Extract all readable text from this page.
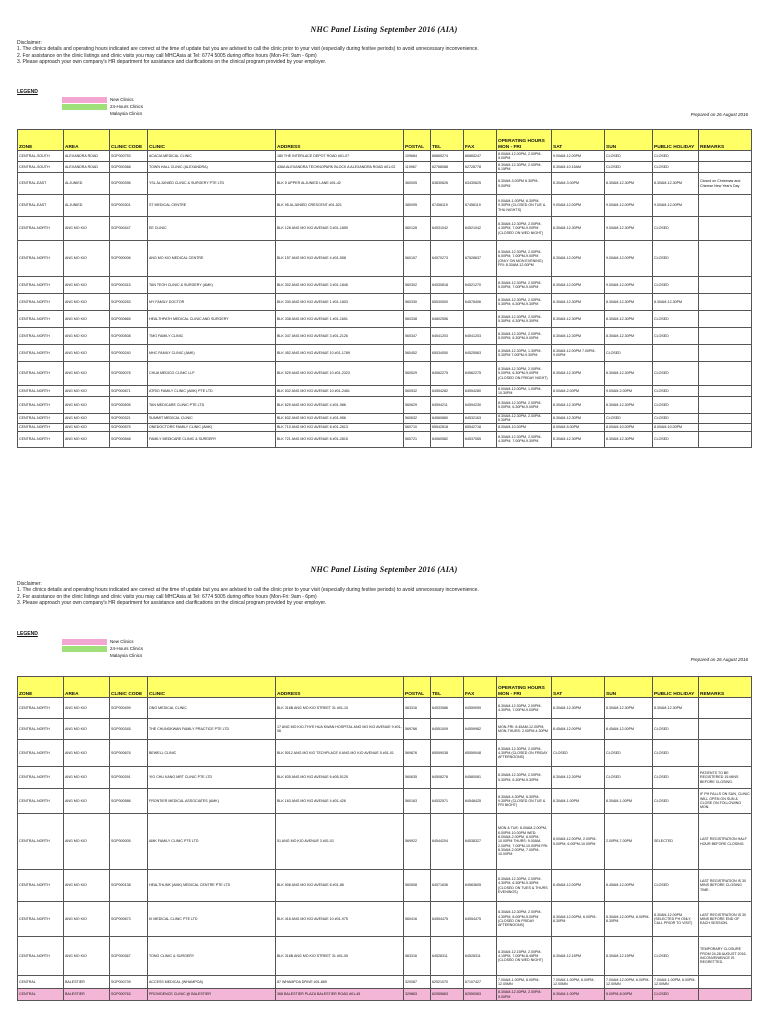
NHC Panel Listing September 2016 (AIA)
Disclaimer:
1. The clinics details and operating hours indicated are correct at the time of update but you are advised to call the clinic prior to your visit (especially during festive periods) to avoid unnecessary inconvenience.
2. For assistance on the clinic listings and clinic visits you may call MHCAsia at Tel: 6774 5005 during office hours (Mon-Fri: 9am - 6pm)
3. Please approach your own company's HR department for assistance and clarifications on the clinical program provided by your employer.
LEGEND
New Clinics
24-Hours Clinics
Malaysia Clinics	Prepared on 26 August 2016
ZONE	AREA	CLINIC CODE	CLINIC	ADDRESS	POSTAL	TEL	FAX	OPERATING HOURS MON - FRI	SAT	SUN	PUBLIC HOLIDAY	REMARKS
CENTRAL-SOUTH	ALEXANDRA ROAD	SGP000753	ACACIA MEDICAL CLINIC	180 THE INTERLACE DEPOT ROAD #01-07	109684	66865274	66865247	8.00AM-12.00PM, 2.00PM-5.00PM	9.00AM-12.00PM	CLOSED	CLOSED	
CENTRAL-SOUTH	ALEXANDRA ROAD	SGP000368	TOWN HALL CLINIC (ALEXANDRA)	438A ALEXANDRA TECHNOPARK BLOCK A ALEXANDRA ROAD #01-02	119967	62768088	62728778	8.30AM-12.30PM, 2.00PM-6.15PM	8.30AM-10.15AM	CLOSED	CLOSED	
CENTRAL-EAST	ALJUNIED	SGP000396	YSL ALJUNIED CLINIC & SURGERY PTE LTD	BLK 5 UPPER ALJUNIED LANE #01-42	360005	63830626	63430625	8.30AM-3.00PM 6.30PM-9.00PM	8.30AM-3.00PM	8.30AM-12.30PM	8.30AM-12.30PM	Closed on Christmas and Chinese New Year's Day
CENTRAL-EAST	ALJUNIED	SGP000301	ST MEDICAL CENTRE	BLK 95 ALJUNIED CRESCENT #01-521	380095	67458119	67458119	9.00AM-1.00PM, 6.30PM-9.30PM (CLOSED ON TUE & THU NIGHTS)	9.00AM-12.00PM	9.00AM-12.00PM	9.00AM-12.00PM	
CENTRAL-NORTH	ANG MO KIO	SGP000447	EE CLINIC	BLK 128 ANG MO KIO AVENUE 3 #01-1859	560128	64531042	64521042	8.30AM-12.30PM, 2.00PM-4.30PM, 7.00PM-9.00PM (CLOSED ON WED NIGHT)	8.30AM-12.30PM	9.00AM-12.30PM	CLOSED	
CENTRAL-NORTH	ANG MO KIO	SGP000006	ANG MO KIO MEDICAL CENTRE	BLK 157 ANG MO KIO AVENUE 4 #01-558	560157	64570273	67528637	8.30AM-12.30PM, 2.00PM-6.00PM, 7.00PM-9.00PM (ONLY ON MON EVENING) FRI: 8.30AM-12.00PM	8.30AM-12.00PM	9.00AM-12.00PM	CLOSED	
CENTRAL-NORTH	ANG MO KIO	SGP000315	TAN TEOH CLINIC & SURGERY (AMK)	BLK 302 ANG MO KIO AVENUE 3 #01-1846	560302	64530818	64521270	8.30AM-12.30PM, 2.00PM-5.00PM, 7.00PM-9.00PM	8.30AM-12.00PM	9.00AM-12.00PM	CLOSED	
CENTRAL-NORTH	ANG MO KIO	SGP000253	MY FAMILY DOCTOR	BLK 330 ANG MO KIO AVENUE 1 #01-1803	560330	65530500	64578406	8.30AM-12.30PM, 2.00PM-5.30PM, 6.30PM-9.30PM	8.30AM-12.30PM	8.30AM-12.30PM	8.30AM-12.30PM	
CENTRAL-NORTH	ANG MO KIO	SGP000665	HEALTHPATH MEDICAL CLINIC AND SURGERY	BLK 338 ANG MO KIO AVENUE 1 #01-1651	560338	64802556		8.30AM-12.30PM, 2.00PM-5.30PM, 6.30PM-9.30PM	8.30AM-12.30PM	8.30AM-12.30PM	CLOSED	
CENTRAL-NORTH	ANG MO KIO	SGP000508	TMG FAMILY CLINIC	BLK 347 ANG MO KIO AVENUE 3 #01-2126	560347	64541203	64541203	8.30AM-12.30PM, 2.00PM-5.00PM, 6.30PM-9.00PM	8.30AM-12.30PM	8.30AM-12.30PM	CLOSED	
CENTRAL-NORTH	ANG MO KIO	SGP000240	MHC FAMILY CLINIC (AMK)	BLK 452 ANG MO KIO AVENUE 10 #01-1789	560452	65534050	64525563	8.30AM-12.30PM, 1.30PM-5.30PM 7.00PM-9.30PM	8.30AM-12.00PM 7.00PM-9.00PM	CLOSED		
CENTRAL-NORTH	ANG MO KIO	SGP000076	CHUA MEDICO CLINIC LLP	BLK 529 ANG MO KIO AVENUE 10 #01-2323	560529	64562275	64562275	8.30AM-12.30PM, 2.00PM-5.00PM, 6.30PM-9.00PM (CLOSED ON FRIDAY NIGHT)	8.30AM-12.30PM	8.30AM-12.30PM	CLOSED	
CENTRAL-NORTH	ANG MO KIO	SGP000671	ATRIO FAMILY CLINIC (AMK) PTE LTD	BLK 532 ANG MO KIO AVENUE 10 #01-2461	560532	64554282	64554280	8.00AM-12.00PM, 1.00PM-10.30PM	8.00AM-2.00PM	9.00AM-2.00PM	CLOSED	
CENTRAL-NORTH	ANG MO KIO	SGP000505	TAN MEDICARE CLINIC PTE LTD	BLK 629 ANG MO KIO AVENUE 4 #01-986	560629	64594211	64594230	8.30AM-12.30PM, 2.00PM-5.00PM, 6.30PM-9.00PM	8.30AM-12.30PM	8.30AM-12.30PM	CLOSED	
CENTRAL-NORTH	ANG MO KIO	SGP000321	SUMMIT MEDICAL CLINIC	BLK 632 ANG MO KIO AVENUE 4 #01-956	560632	64560860	64532163	8.30AM-12.30PM, 2.00PM-5.30PM	8.30AM-12.30PM	CLOSED	CLOSED	
CENTRAL-NORTH	ANG MO KIO	SGP000575	ONEDOCTORS FAMILY CLINIC (AMK)	BLK 710 ANG MO KIO AVENUE 8 #01-2613	560710	65542818	65542718	8.00AM-10.00PM	8.00AM-5.00PM	8.00AM-10.00PM	8.00AM-10.00PM	
CENTRAL-NORTH	ANG MO KIO	SGP000548	FAMILY MEDICARE CLINIC & SURGERY	BLK 721 ANG MO KIO AVENUE 8 #01-2815	560721	64560582	64537065	8.30AM-12.30PM, 2.00PM-4.30PM, 7.00PM-9.30PM	8.30AM-12.30PM	8.30AM-12.30PM	CLOSED	
NHC Panel Listing September 2016 (AIA)
Disclaimer:
1. The clinics details and operating hours indicated are correct at the time of update but you are advised to call the clinic prior to your visit (especially during festive periods) to avoid unnecessary inconvenience.
2. For assistance on the clinic listings and clinic visits you may call MHCAsia at Tel: 6774 5005 during office hours (Mon-Fri: 9am - 6pm)
3. Please approach your own company's HR department for assistance and clarifications on the clinical program provided by your employer.
LEGEND
New Clinics
24-Hours Clinics
Malaysia Clinics
Prepared on 26 August 2016
ZONE	AREA	CLINIC CODE	CLINIC	ADDRESS	POSTAL	TEL	FAX	OPERATING HOURS MON - FRI	SAT	SUN	PUBLIC HOLIDAY	REMARKS
CENTRAL-NORTH	ANG MO KIO	SGP000499	ONG MEDICAL CLINIC	BLK 316B ANG MO KIO STREET 31 #01-10	563316	64533586	64559059	8.30AM-12.30PM, 2.00PM-4.30PM, 7.00PM-9.00PM	8.30AM-12.30PM	8.30AM-12.30PM	8.30AM-12.30PM	
CENTRAL-NORTH	ANG MO KIO	SGP000345	THE CHUNGKWAN FAMILY PRACTICE PTE LTD	17 ANG MO KIO-THYE HUA KWAN HOSPITAL ANG MO KIO AVENUE 9 #01-06	569766	64551009	64559982	MON-FRI: 8.45AM-12.00PM, MON-THURS: 2.00PM-4.30PM	8.45AM-12.00PM	8.45AM-12.00PM	CLOSED	
CENTRAL-NORTH	ANG MO KIO	SGP000676	BEWELL CLINIC	BLK 5012 ANG MO KIO TECHPLACE II ANG MO KIO AVENUE 5 #01-01	569876	65559038	65559048	8.30AM-12.30PM, 2.00PM-4.30PM (CLOSED ON FRIDAY AFTERNOONS)	CLOSED	CLOSED	CLOSED	
CENTRAL-NORTH	ANG MO KIO	SGP000391	YIO CHU KANG MRT CLINIC PTE LTD	BLK 635 ANG MO KIO AVENUE 6 #05-5125	560635	64508278	64580081	8.30AM-12.30PM, 2.00PM-5.30PM, 6.30PM-9.30PM	8.30AM-12.30PM	CLOSED	CLOSED	PATIENTS TO BE REGISTERED 15 MINS BEFORE CLOSING.
CENTRAL-NORTH	ANG MO KIO	SGP000586	FRONTIER MEDICAL ASSOCIATES (AMK)	BLK 163 ANG MO KIO AVENUE 4 #01-426	560163	64532571	64548425	8.30AM-4.30PM, 6.30PM-9.30PM (CLOSED ON TUE & FRI NIGHT)	8.30AM-1.00PM	8.30AM-1.00PM	CLOSED	IF PH FALLS ON SUN, CLINIC WILL OPEN ON SUN & CLOSE ON FOLLOWING MON.
CENTRAL-NORTH	ANG MO KIO	SGP000005	AMK FAMILY CLINIC PTE LTD	51 ANG MO KIO AVENUE 3 #01-01	569922	64544204	64538327	MON & TUE: 8.00AM-2.00PM, 6.00PM-10.00PM WED: 8.00AM-2.00PM, 6.00PM-10.00PM THURS: 9.00AM-2.00PM, 7.00PM-10.00PM FRI: 8.30AM-2.00PM, 7.00PM-10.00PM	8.00AM-12.00PM, 2.00PM-5.00PM, 6.00PM-10.00PM	2.00PM-7.00PM	SELECTED	LAST REGISTRATION HALF HOUR BEFORE CLOSING.
CENTRAL-NORTH	ANG MO KIO	SGP000138	HEALTHLINK (AMK) MEDICAL CENTRE PTE LTD	BLK 508 ANG MO KIO AVENUE 8 #01-86	560508	64571636	64563605	8.30AM-12.30PM, 2.00PM-4.30PM, 6.30PM-9.30PM (CLOSED ON TUES & THURS EVENINGS)	8.45AM-12.00PM	8.45AM-12.00PM	CLOSED	LAST REGISTRATION IS 30 MINS BEFORE CLOSING TIME.
CENTRAL-NORTH	ANG MO KIO	SGP000673	KI MEDICAL CLINIC PTE LTD	BLK 416 ANG MO KIO AVENUE 10 #01-975	560416	64554475	64554475	8.30AM-12.30PM, 2.00PM-4.30PM, 6.00PM-9.00PM (CLOSED ON FRIDAY AFTERNOONS)	8.30AM-12.00PM, 6.00PM-8.30PM	8.30AM-12.00PM, 6.00PM-8.30PM	8.30AM-12.00PM (SELECTED PH ONLY, CALL PRIOR TO VISIT)	LAST REGISTRATION IS 30 MINS BEFORE END OF EACH SESSION.
CENTRAL-NORTH	ANG MO KIO	SGP000367	TONG CLINIC & SURGERY	BLK 316B ANG MO KIO STREET 31 #01-05	563316	64528311	64528311	8.30AM-12.15PM, 2.00PM-4.15PM, 7.00PM-8.45PM (CLOSED ON WED NIGHT)	8.30AM-12.15PM	8.30AM-12.15PM	CLOSED	TEMPORARY CLOSURE FROM 24-28 AUGUST 2016. INCONVENIENCE IS REGRETTED.
CENTRAL	BALESTIER	SGP000739	ACCESS MEDICAL (WHAMPOA)	87 WHAMPOA DRIVE #01-869	320087	62521070	67107427	7.00AM-1.00PM, 6.00PM-12.00MN	7.00AM-1.00PM, 6.00PM-12.00MN	7.00AM-12.00PM, 6.00PM-12.00MN	7.00AM-1.00PM, 6.00PM-12.00MN	
CENTRAL	BALESTIER	SGP000763	PROVIDENCE CLINIC @ BALESTIER	368 BALESTIER PLAZA BALESTIER ROAD #01-45	329863	62555663	62550063	8.30AM-12.30PM, 2.00PM-5.00PM	8.30AM-1.00PM	5.00PM-8.00PM	CLOSED	
